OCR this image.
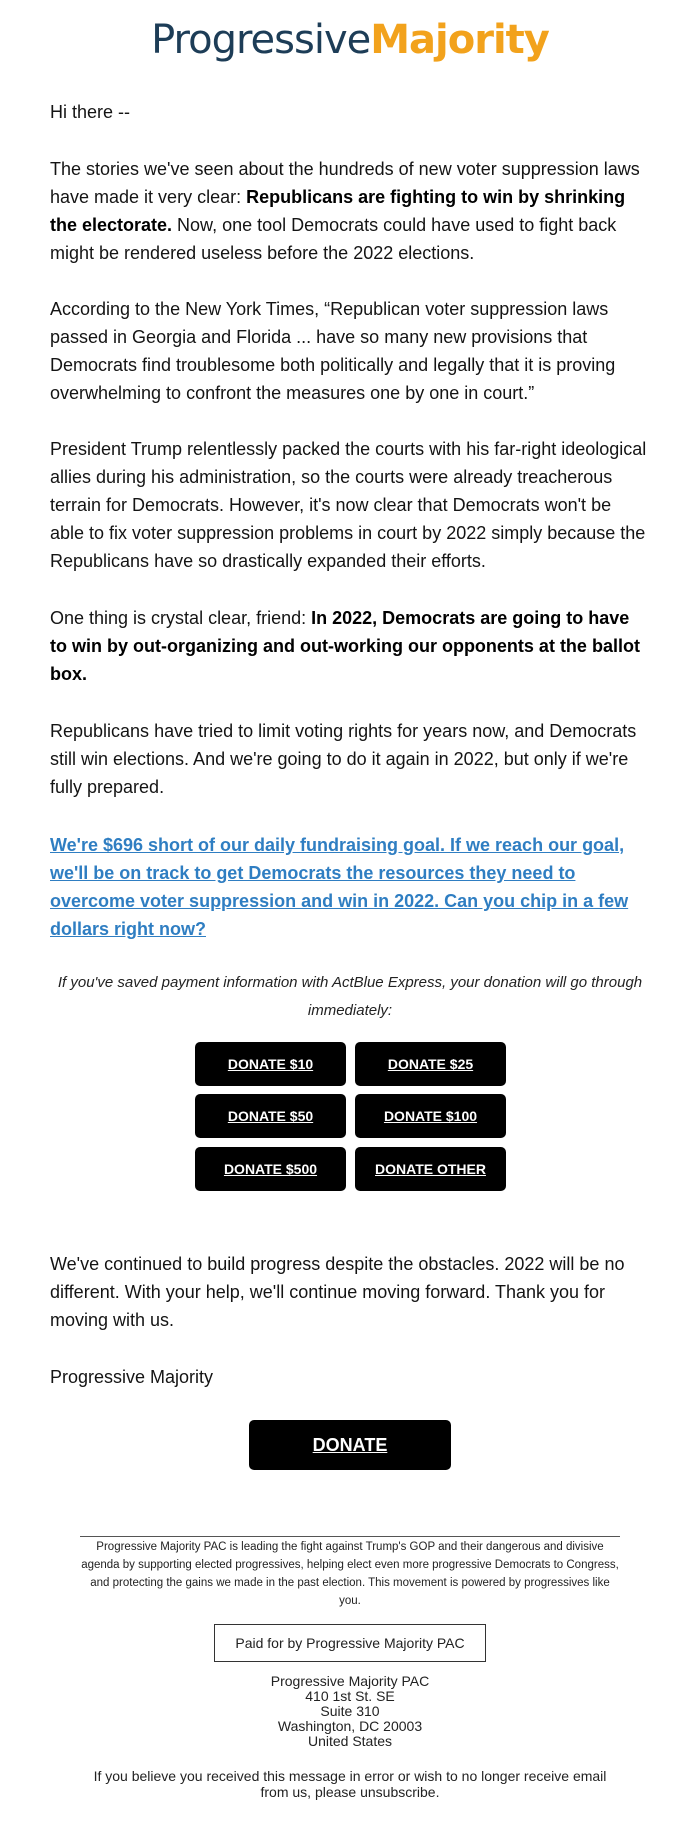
ProgressiveMajority

Hi there --

The stories we've seen about the hundreds of new voter suppression laws have made it very clear: Republicans are fighting to win by shrinking the electorate. Now, one tool Democrats could have used to fight back might be rendered useless before the 2022 elections.

According to the New York Times, “Republican voter suppression laws passed in Georgia and Florida ... have so many new provisions that Democrats find troublesome both politically and legally that it is proving overwhelming to confront the measures one by one in court.”

President Trump relentlessly packed the courts with his far-right ideological allies during his administration, so the courts were already treacherous terrain for Democrats. However, it's now clear that Democrats won't be able to fix voter suppression problems in court by 2022 simply because the Republicans have so drastically expanded their efforts.

One thing is crystal clear, friend: In 2022, Democrats are going to have to win by out-organizing and out-working our opponents at the ballot box.

Republicans have tried to limit voting rights for years now, and Democrats still win elections. And we're going to do it again in 2022, but only if we're fully prepared.

We're $696 short of our daily fundraising goal. If we reach our goal, we'll be on track to get Democrats the resources they need to overcome voter suppression and win in 2022. Can you chip in a few dollars right now?

If you've saved payment information with ActBlue Express, your donation will go through immediately:
DONATE $10	DONATE $25
DONATE $50	DONATE $100
DONATE $500	DONATE OTHER

We've continued to build progress despite the obstacles. 2022 will be no different. With your help, we'll continue moving forward. Thank you for moving with us.

Progressive Majority

DONATE
Progressive Majority PAC is leading the fight against Trump's GOP and their dangerous and divisive agenda by supporting elected progressives, helping elect even more progressive Democrats to Congress, and protecting the gains we made in the past election. This movement is powered by progressives like you.
Paid for by Progressive Majority PAC
Progressive Majority PAC
410 1st St. SE
Suite 310
Washington, DC 20003
United States
If you believe you received this message in error or wish to no longer receive email from us, please unsubscribe.
